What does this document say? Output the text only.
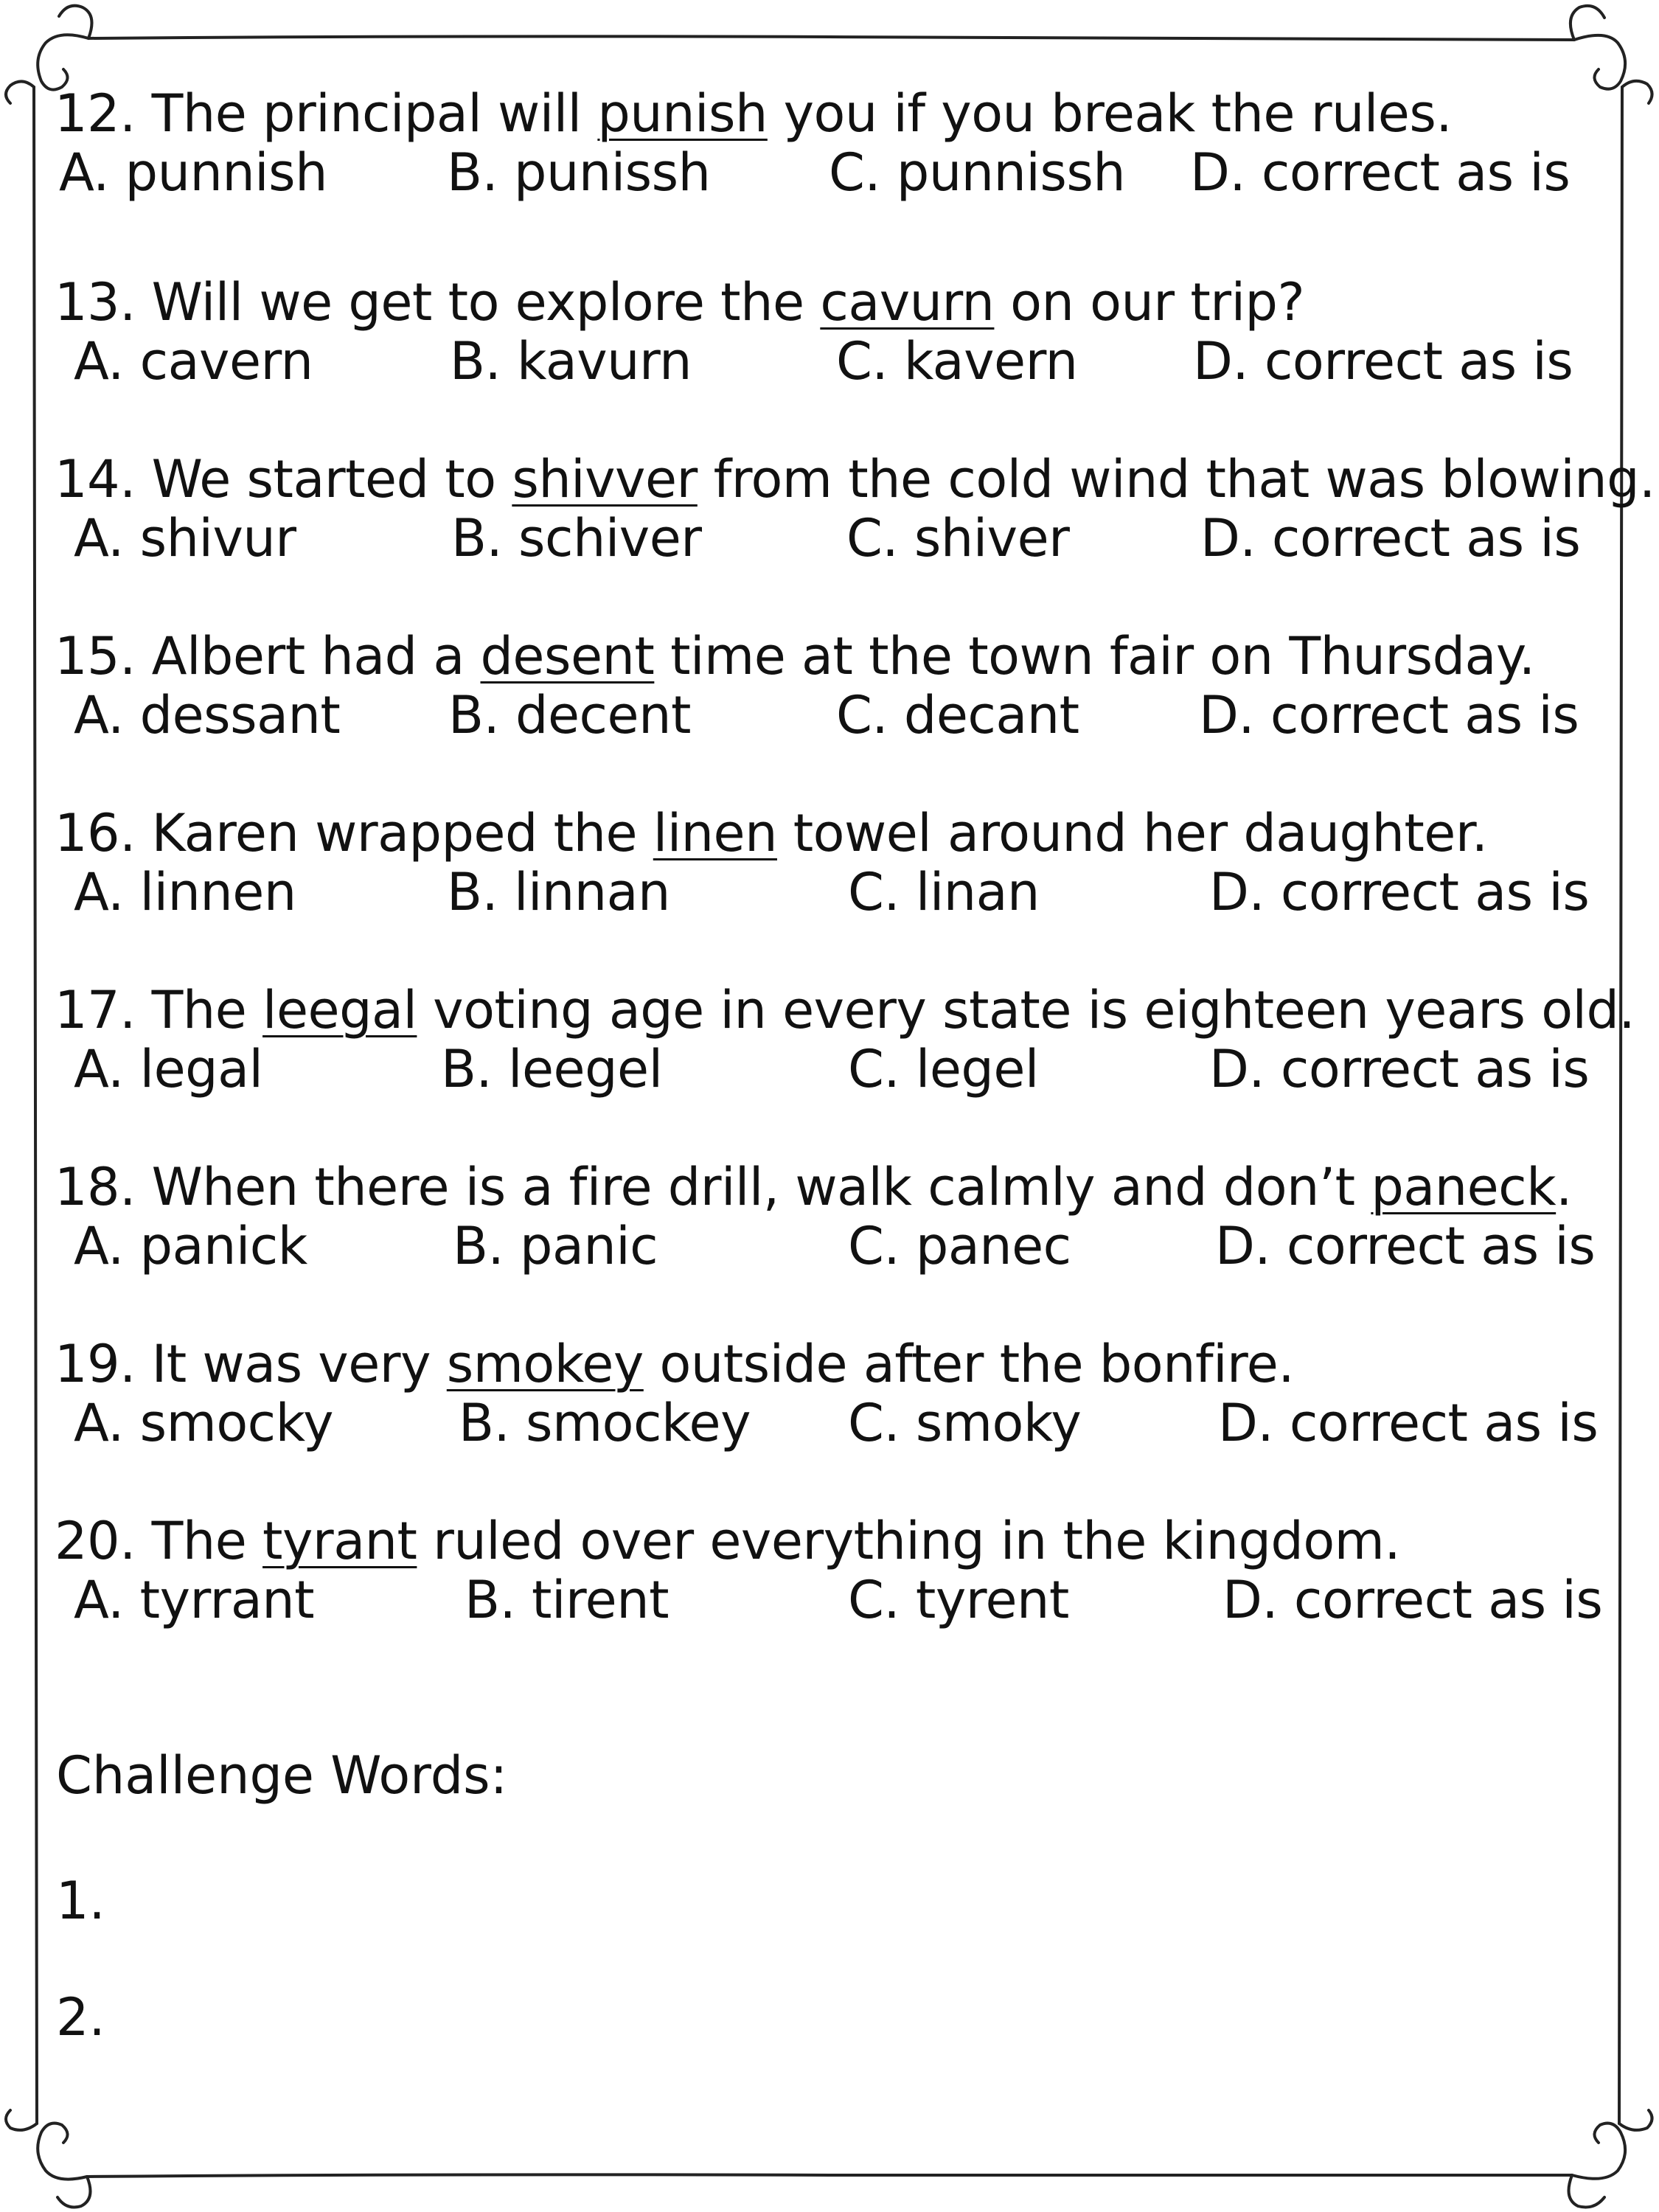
12. The principal will punish you if you break the rules.
A. punnish B. punissh C. punnissh D. correct as is
13. Will we get to explore the cavurn on our trip?
A. cavern	B. kavurn	C. kavern D. correct as is
14. We started to shivver from the cold wind that was blowing.
A. shivur	B. schiver	C. shiver	D. correct as is
15. Albert had a desent time at the town fair on Thursday.
A. dessant B. decent	C. decant D. correct as is
16. Karen wrapped the linen towel around her daughter.
A. linnen	B. linnan	C. linan	D. correct as is
17. The leegal voting age in every state is eighteen years old.
A. legal	B. leegel	C. legel	D. correct as is
18. When there is a fire drill, walk calmly and don’t paneck.
A. panick	B. panic	C. panec	D. correct as is
19. It was very smokey outside after the bonfire.
A. smocky B. smockey C. smoky	D. correct as is
20. The tyrant ruled over everything in the kingdom.
A. tyrrant	B. tirent	C. tyrent	D. correct as is
Challenge Words:
1.
2.
